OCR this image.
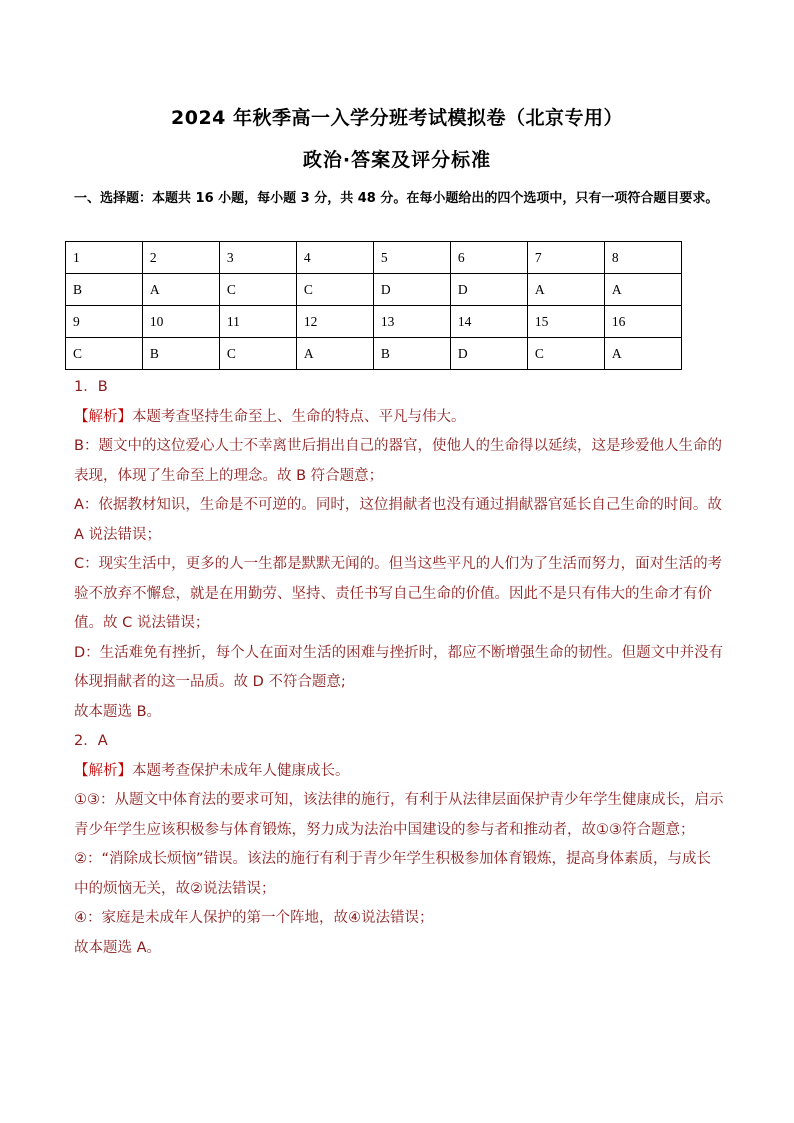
2024 年秋季高一入学分班考试模拟卷（北京专用）
政治·答案及评分标准
一、选择题：本题共 16 小题，每小题 3 分，共 48 分。在每小题给出的四个选项中，只有一项符合题目要求。
1	2	3	4	5	6	7	8
B	A	C	C	D	D	A	A
9	10	11	12	13	14	15	16
C	B	C	A	B	D	C	A

1．B

【解析】本题考查坚持生命至上、生命的特点、平凡与伟大。

B：题文中的这位爱心人士不幸离世后捐出自己的器官，使他人的生命得以延续，这是珍爱他人生命的表现，体现了生命至上的理念。故 B 符合题意；

A：依据教材知识，生命是不可逆的。同时，这位捐献者也没有通过捐献器官延长自己生命的时间。故 A 说法错误；

C：现实生活中，更多的人一生都是默默无闻的。但当这些平凡的人们为了生活而努力，面对生活的考验不放弃不懈怠，就是在用勤劳、坚持、责任书写自己生命的价值。因此不是只有伟大的生命才有价值。故 C 说法错误；

D：生活难免有挫折，每个人在面对生活的困难与挫折时，都应不断增强生命的韧性。但题文中并没有体现捐献者的这一品质。故 D 不符合题意;

故本题选 B。

2．A

【解析】本题考查保护未成年人健康成长。

①③：从题文中体育法的要求可知，该法律的施行，有利于从法律层面保护青少年学生健康成长，启示青少年学生应该积极参与体育锻炼，努力成为法治中国建设的参与者和推动者，故①③符合题意；

②：“消除成长烦恼”错误。该法的施行有利于青少年学生积极参加体育锻炼，提高身体素质，与成长中的烦恼无关，故②说法错误；

④：家庭是未成年人保护的第一个阵地，故④说法错误；

故本题选 A。
